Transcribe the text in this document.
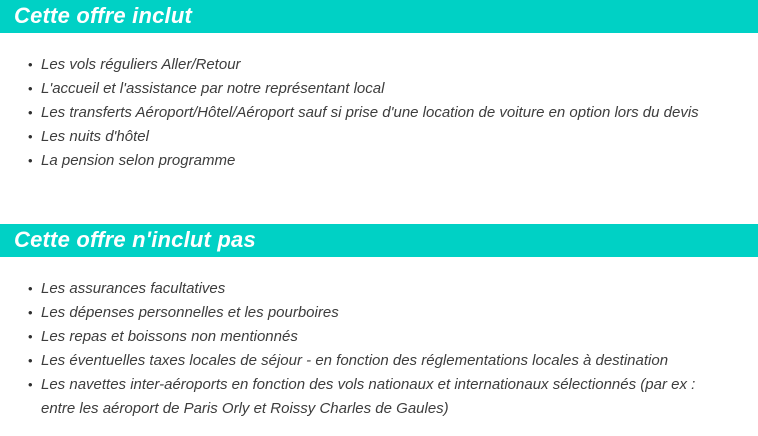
Cette offre inclut
• Les vols réguliers Aller/Retour
• L'accueil et l'assistance par notre représentant local
• Les transferts Aéroport/Hôtel/Aéroport sauf si prise d'une location de voiture en option lors du devis
• Les nuits d'hôtel
• La pension selon programme
Cette offre n'inclut pas
• Les assurances facultatives
• Les dépenses personnelles et les pourboires
• Les repas et boissons non mentionnés
• Les éventuelles taxes locales de séjour - en fonction des réglementations locales à destination
• Les navettes inter-aéroports en fonction des vols nationaux et internationaux sélectionnés (par ex : entre les aéroport de Paris Orly et Roissy Charles de Gaules)
